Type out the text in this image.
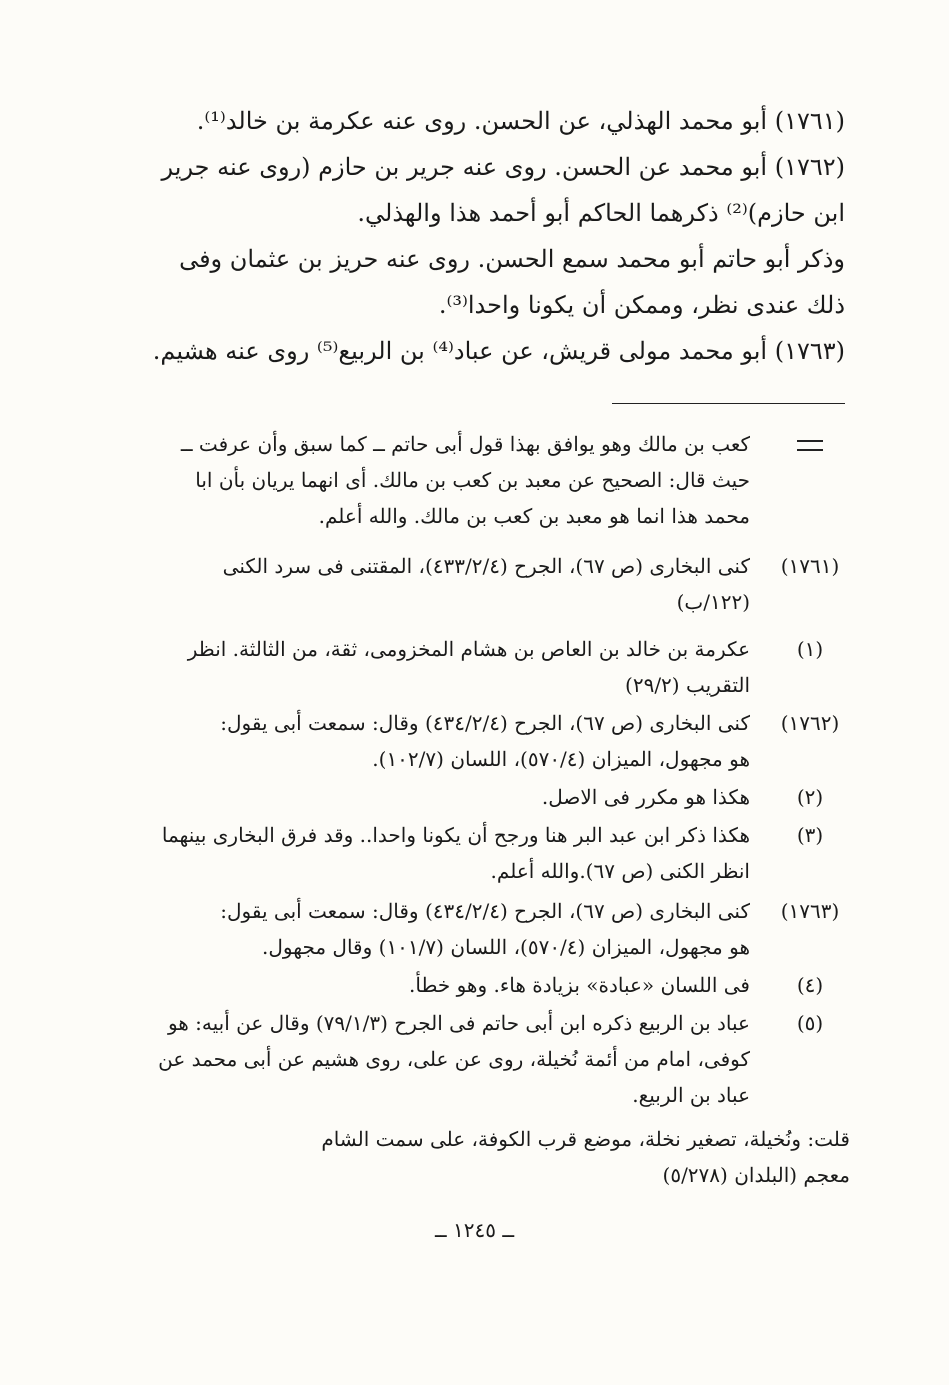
(١٧٦١) أبو محمد الهذلي، عن الحسن. روى عنه عكرمة بن خالد⁽¹⁾.
(١٧٦٢) أبو محمد عن الحسن. روى عنه جرير بن حازم (روى عنه جرير
ابن حازم)⁽²⁾ ذكرهما الحاكم أبو أحمد هذا والهذلي.
وذكر أبو حاتم أبو محمد سمع الحسن. روى عنه حريز بن عثمان وفى
ذلك عندى نظر، وممكن أن يكونا واحدا⁽³⁾.
(١٧٦٣) أبو محمد مولى قريش، عن عباد⁽⁴⁾ بن الربيع⁽⁵⁾ روى عنه هشيم.
كعب بن مالك وهو يوافق بهذا قول أبى حاتم ــ كما سبق وأن عرفت ــ
حيث قال: الصحيح عن معبد بن كعب بن مالك. أى انهما يريان بأن ابا
محمد هذا انما هو معبد بن كعب بن مالك. والله أعلم.
(١٧٦١)
كنى البخارى (ص ٦٧)، الجرح (٤٣٣/٢/٤)، المقتنى فى سرد الكنى
(١٢٢/ب)
(١)
عكرمة بن خالد بن العاص بن هشام المخزومى، ثقة، من الثالثة. انظر
التقريب (٢٩/٢)
(١٧٦٢)
كنى البخارى (ص ٦٧)، الجرح (٤٣٤/٢/٤) وقال: سمعت أبى يقول:
هو مجهول، الميزان (٥٧٠/٤)، اللسان (١٠٢/٧).
(٢)
هكذا هو مكرر فى الاصل.
(٣)
هكذا ذكر ابن عبد البر هنا ورجح أن يكونا واحدا.. وقد فرق البخارى بينهما
انظر الكنى (ص ٦٧).والله أعلم.
(١٧٦٣)
كنى البخارى (ص ٦٧)، الجرح (٤٣٤/٢/٤) وقال: سمعت أبى يقول:
هو مجهول، الميزان (٥٧٠/٤)، اللسان (١٠١/٧) وقال مجهول.
(٤)
فى اللسان «عبادة» بزيادة هاء. وهو خطأ.
(٥)
عباد بن الربيع ذكره ابن أبى حاتم فى الجرح (٧٩/١/٣) وقال عن أبيه: هو
كوفى، امام من أئمة نُخيلة، روى عن على، روى هشيم عن أبى محمد عن
عباد بن الربيع.
قلت: ونُخيلة، تصغير نخلة، موضع قرب الكوفة، على سمت الشام
معجم (البلدان (٥/٢٧٨)
ــ ١٢٤٥ ــ
